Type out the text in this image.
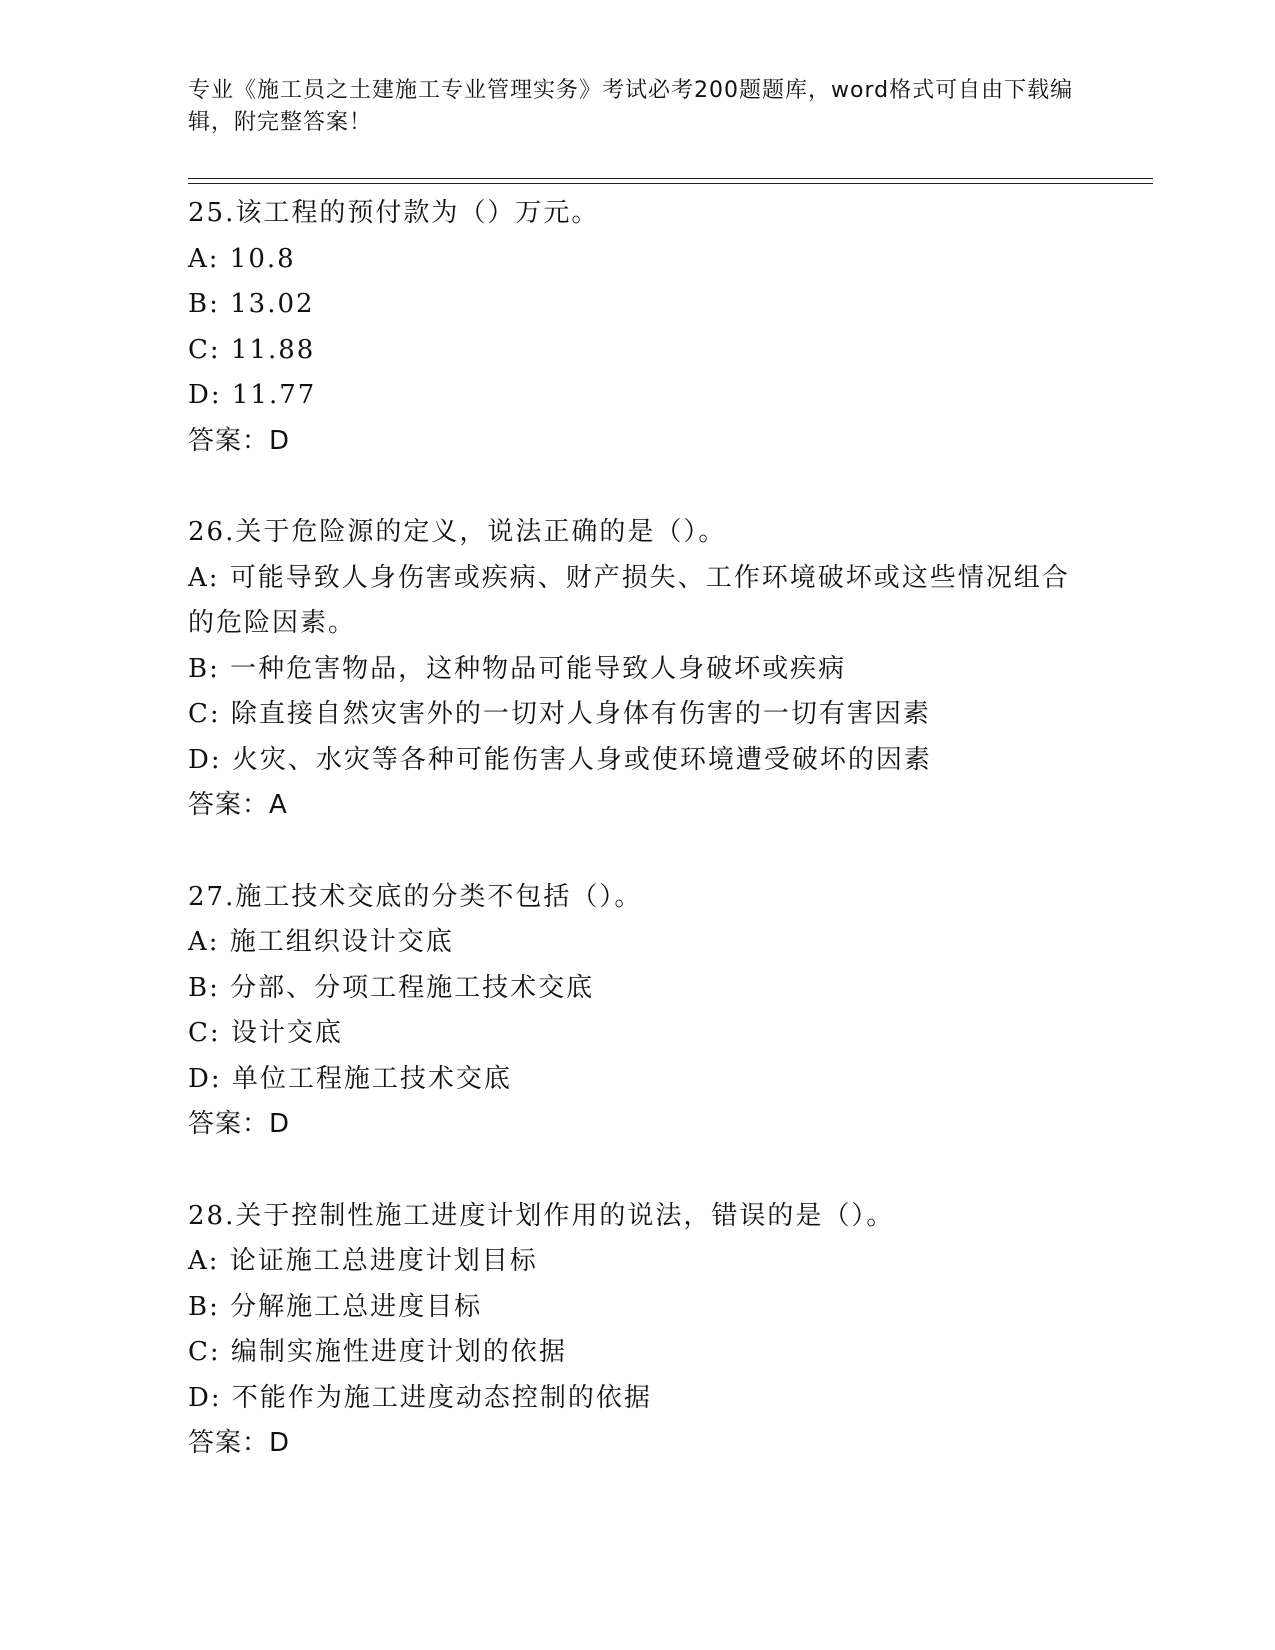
专业《施工员之土建施工专业管理实务》考试必考200题题库，word格式可自由下载编辑，附完整答案！
25.该工程的预付款为（）万元。
A: 10.8
B: 13.02
C: 11.88
D: 11.77
答案：D
26.关于危险源的定义，说法正确的是（）。
A: 可能导致人身伤害或疾病、财产损失、工作环境破坏或这些情况组合的危险因素。
B: 一种危害物品，这种物品可能导致人身破坏或疾病
C: 除直接自然灾害外的一切对人身体有伤害的一切有害因素
D: 火灾、水灾等各种可能伤害人身或使环境遭受破坏的因素
答案：A
27.施工技术交底的分类不包括（）。
A: 施工组织设计交底
B: 分部、分项工程施工技术交底
C: 设计交底
D: 单位工程施工技术交底
答案：D
28.关于控制性施工进度计划作用的说法，错误的是（）。
A: 论证施工总进度计划目标
B: 分解施工总进度目标
C: 编制实施性进度计划的依据
D: 不能作为施工进度动态控制的依据
答案：D
